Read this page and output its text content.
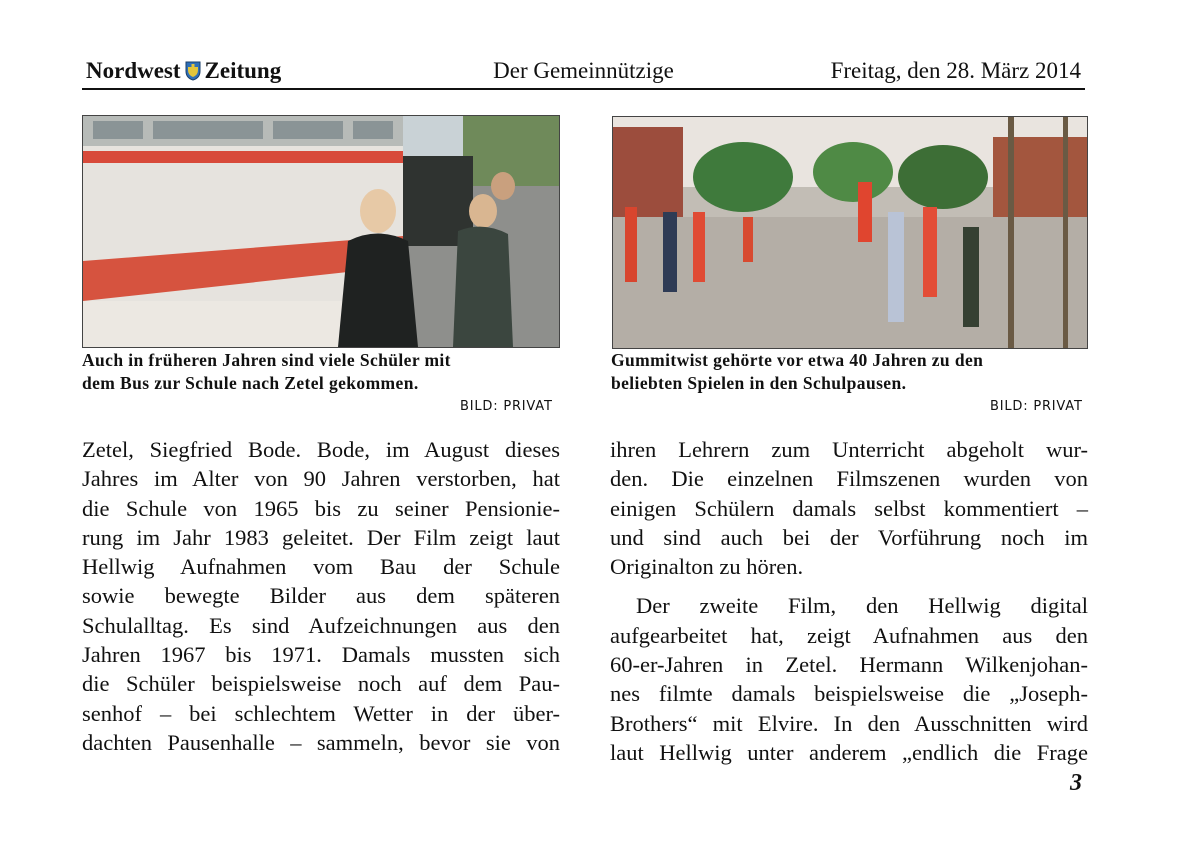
Nordwest Zeitung	Der Gemeinnützige	Freitag, den 28. März 2014
Auch in früheren Jahren sind viele Schüler mit
dem Bus zur Schule nach Zetel gekommen.
BILD: PRIVAT
Gummitwist gehörte vor etwa 40 Jahren zu den
beliebten Spielen in den Schulpausen.
BILD: PRIVAT

Zetel, Siegfried Bode. Bode, im August dieses

Jahres im Alter von 90 Jahren verstorben, hat

die Schule von 1965 bis zu seiner Pensionie-

rung im Jahr 1983 geleitet. Der Film zeigt laut

Hellwig Aufnahmen vom Bau der Schule

sowie bewegte Bilder aus dem späteren

Schulalltag. Es sind Aufzeichnungen aus den

Jahren 1967 bis 1971. Damals mussten sich

die Schüler beispielsweise noch auf dem Pau-

senhof – bei schlechtem Wetter in der über-

dachten Pausenhalle – sammeln, bevor sie von

ihren Lehrern zum Unterricht abgeholt wur-

den. Die einzelnen Filmszenen wurden von

einigen Schülern damals selbst kommentiert –

und sind auch bei der Vorführung noch im

Originalton zu hören.

Der zweite Film, den Hellwig digital

aufgearbeitet hat, zeigt Aufnahmen aus den

60-er-Jahren in Zetel. Hermann Wilkenjohan-

nes filmte damals beispielsweise die „Joseph-

Brothers“ mit Elvire. In den Ausschnitten wird

laut Hellwig unter anderem „endlich die Frage

3
